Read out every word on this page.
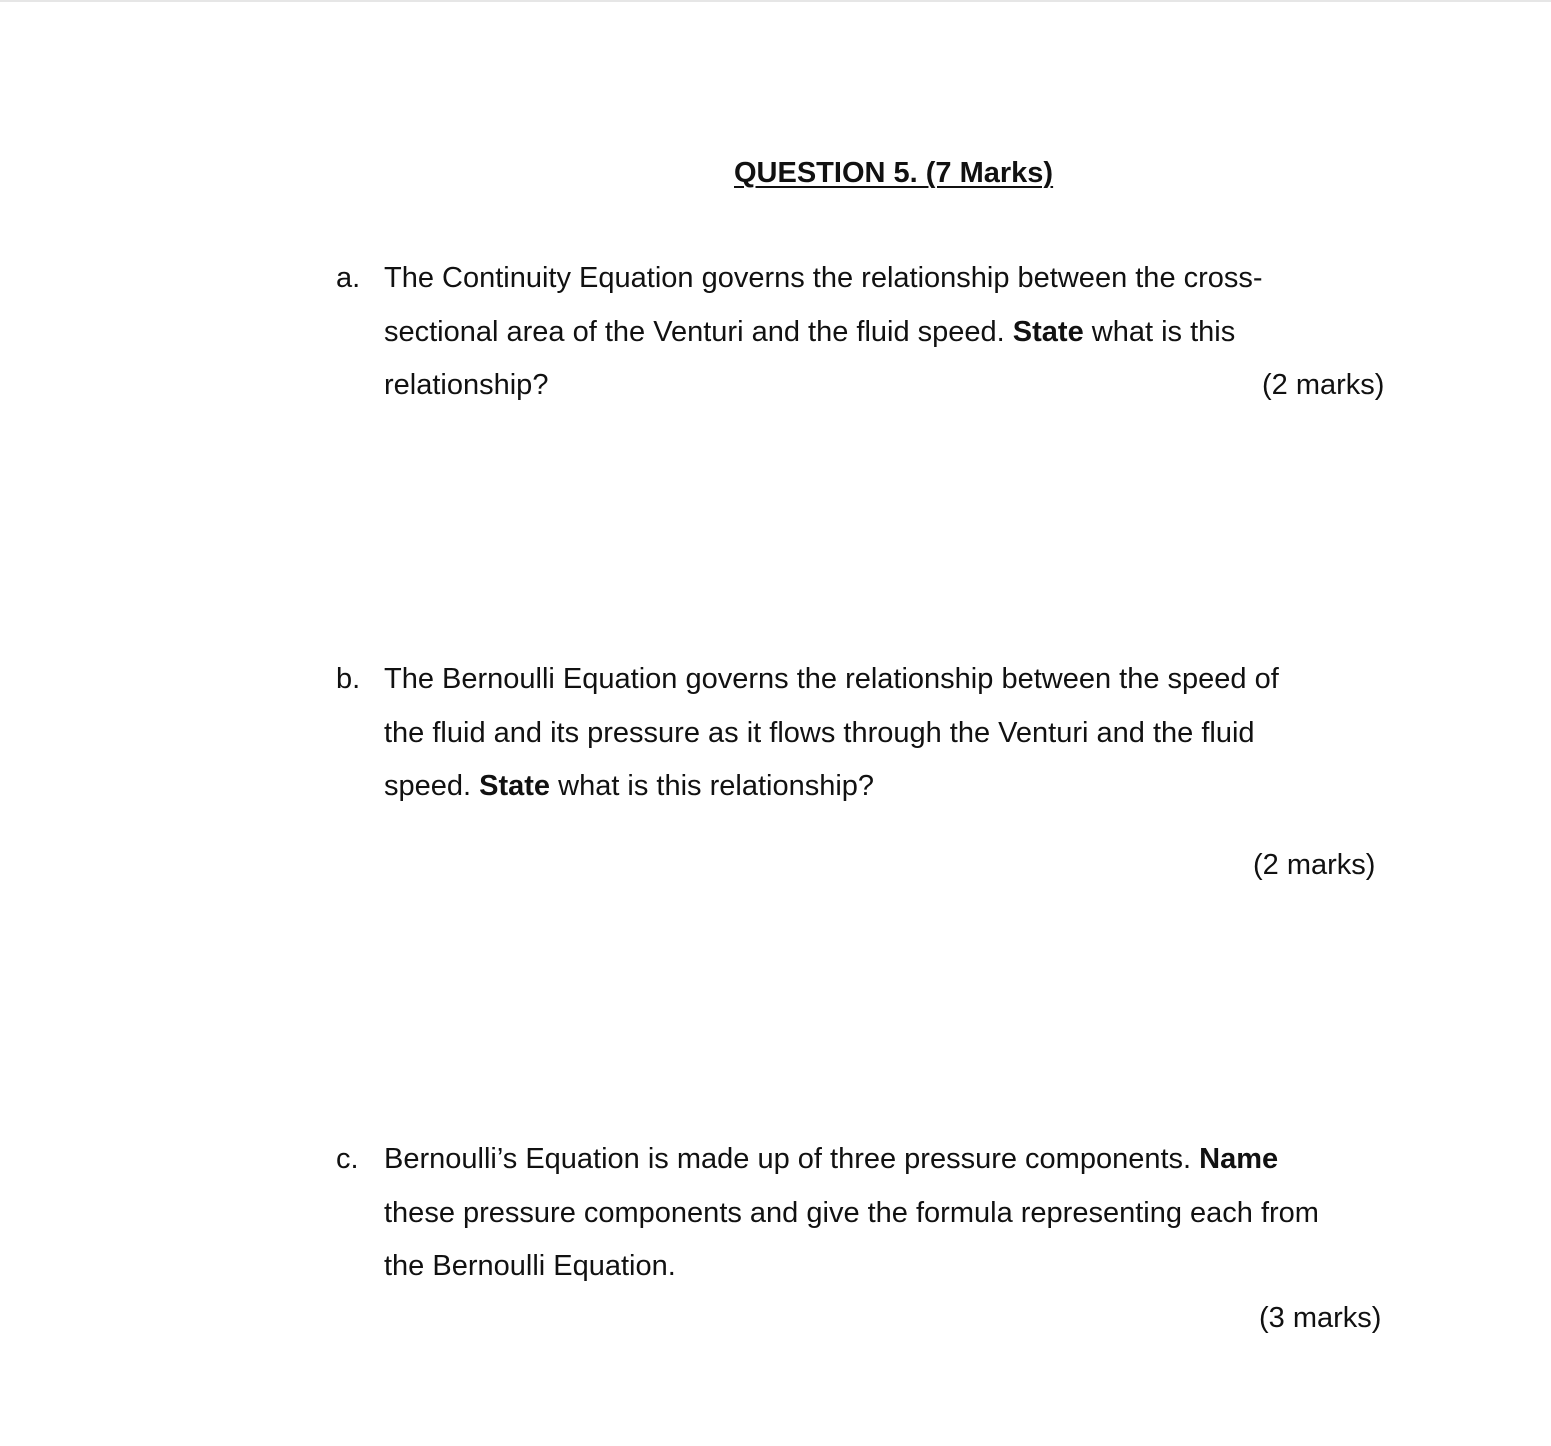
QUESTION 5. (7 Marks)
a. The Continuity Equation governs the relationship between the cross-
sectional area of the Venturi and the fluid speed. State what is this
relationship?	(2 marks)
b. The Bernoulli Equation governs the relationship between the speed of
the fluid and its pressure as it flows through the Venturi and the fluid
speed. State what is this relationship?
(2 marks)
c. Bernoulli’s Equation is made up of three pressure components. Name
these pressure components and give the formula representing each from
the Bernoulli Equation.
(3 marks)
